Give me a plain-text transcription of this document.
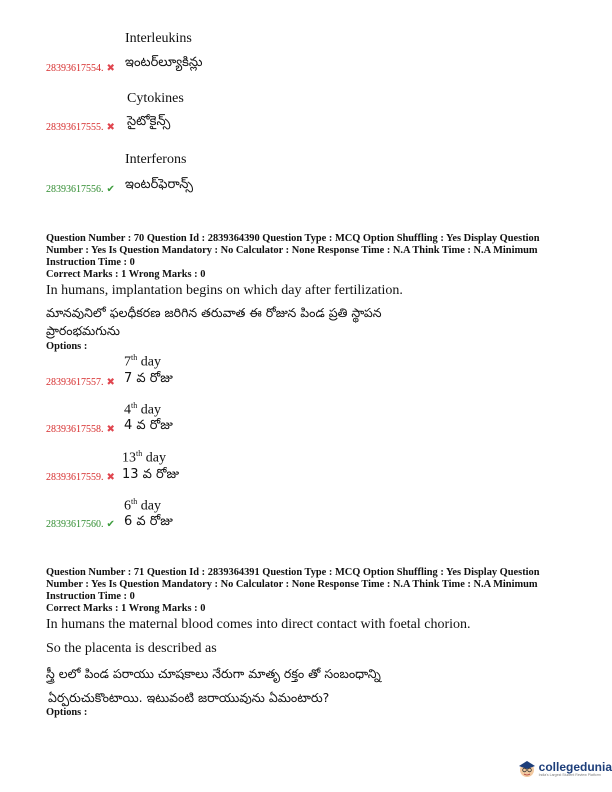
Interleukins
28393617554. ✖ ఇంటర్‌ల్యూకిన్లు
Cytokines
28393617555. ✖ సైటోకైన్స్
Interferons
28393617556. ✔ ఇంటర్‌ఫెరాన్స్
Question Number : 70 Question Id : 2839364390 Question Type : MCQ Option Shuffling : Yes Display Question Number : Yes Is Question Mandatory : No Calculator : None Response Time : N.A Think Time : N.A Minimum Instruction Time : 0
Correct Marks : 1 Wrong Marks : 0
In humans, implantation begins on which day after fertilization.
మానవునిలో ఫలధీకరణ జరిగిన తరువాత ఈ రోజున పిండ ప్రతి స్థాపన ప్రారంభమగును
Options :
7th day
28393617557. ✖ 7 వ రోజు
4th day
28393617558. ✖ 4 వ రోజు
13th day
28393617559. ✖ 13 వ రోజు
6th day
28393617560. ✔ 6 వ రోజు
Question Number : 71 Question Id : 2839364391 Question Type : MCQ Option Shuffling : Yes Display Question Number : Yes Is Question Mandatory : No Calculator : None Response Time : N.A Think Time : N.A Minimum Instruction Time : 0
Correct Marks : 1 Wrong Marks : 0
In humans the maternal blood comes into direct contact with foetal chorion.
So the placenta is described as
స్త్రీ లలో పిండ పరాయు చూషకాలు నేరుగా మాతృ రక్తం తో సంబంధాన్ని
ఏర్పరుచుకొంటాయి. ఇటువంటి జరాయువును ఏమంటారు?
Options :
collegedunia
India's Largest Student Review Platform
